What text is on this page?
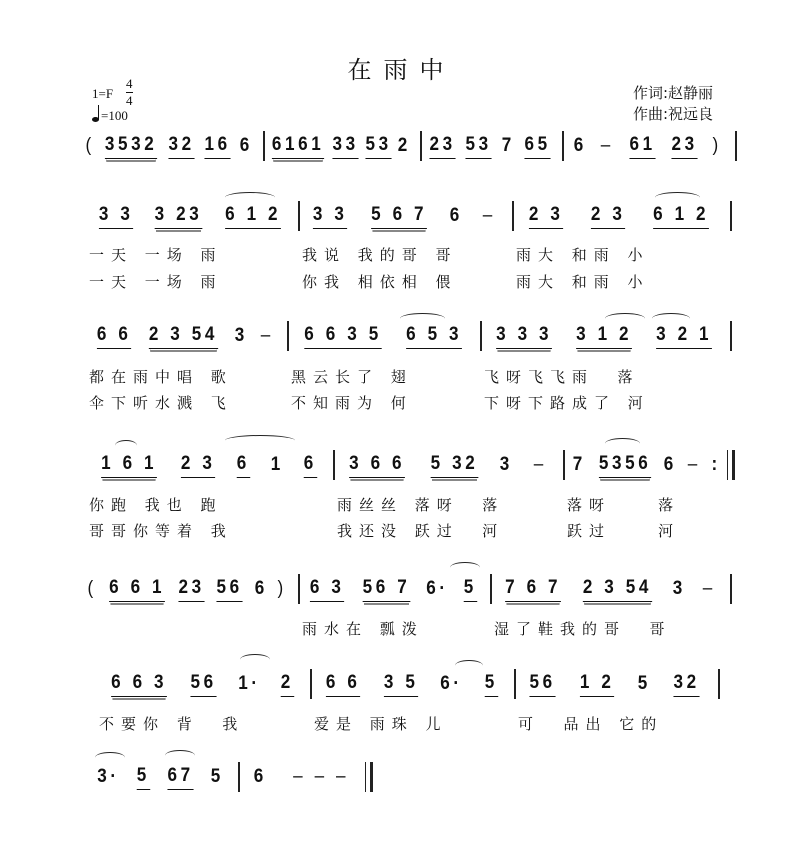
在雨中
1=F
4
4
=100
作词:赵静丽
作曲:祝远良
( 3532 32 16 6 6161 33 53 2 23 53 7 65 6 – 61 23 )
3 3 3 23 6 1 2
一天 一场 雨
一天 一场 雨
3 3 5 6 7 6 –
我说 我的哥 哥
你我 相依相 偎
2 3 2 3 6 1 2
雨大 和雨 小
雨大 和雨 小
6 6 2 3 54 3 –
都在雨中唱 歌
伞下听水溅 飞
6 6 3 5 6 5 3
黑云长了 翅
不知雨为 何
3 3 3 3 1 2 3 2 1
飞呀飞飞雨  落
下呀下路成了 河
1 6 1 2 3 6 1 6
你跑 我也 跑
哥哥你等着 我
3 6 6 5 32 3 –
雨丝丝 落呀  落
我还没 跃过  河
7 5356 6 – :
落呀    落
跃过    河
( 6 6 1 23 56 6 ) 6 3 56 7 6· 5
雨水在 瓢泼
7 6 7 2 3 54 3 –
湿了鞋我的哥  哥
6 6 3 56 1· 2
不要你 背  我
6 6 3 5 6· 5
爱是 雨珠 儿
56 1 2 5 32
可  品出 它的
3· 5 67 5 6 – – –
